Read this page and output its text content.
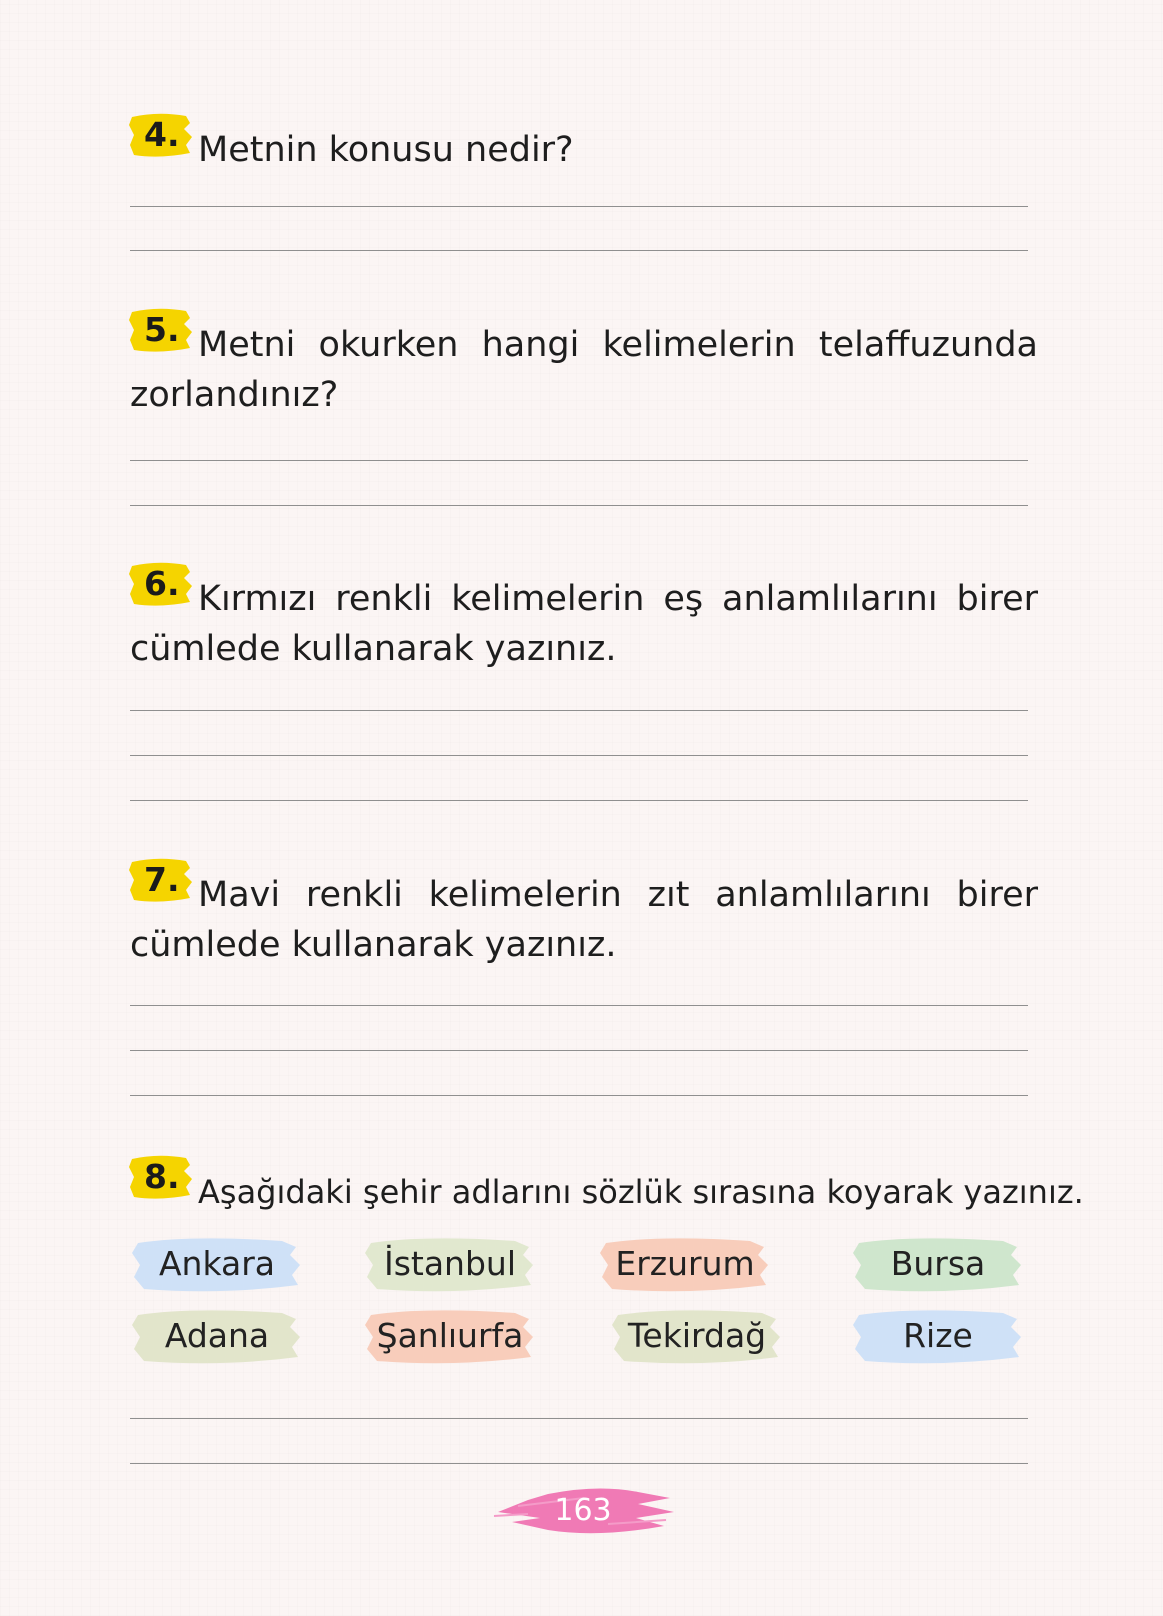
4. Metnin konusu nedir?

5. Metni okurken hangi kelimelerin telaffuzunda zorlandınız?

6. Kırmızı renkli kelimelerin eş anlamlılarını birer cümlede kullanarak yazınız.

7. Mavi renkli kelimelerin zıt anlamlılarını birer cümlede kullanarak yazınız.

8. Aşağıdaki şehir adlarını sözlük sırasına koyarak yazınız.

Ankara	İstanbul	Erzurum	Bursa
Adana	Şanlıurfa	Tekirdağ	Rize
163
